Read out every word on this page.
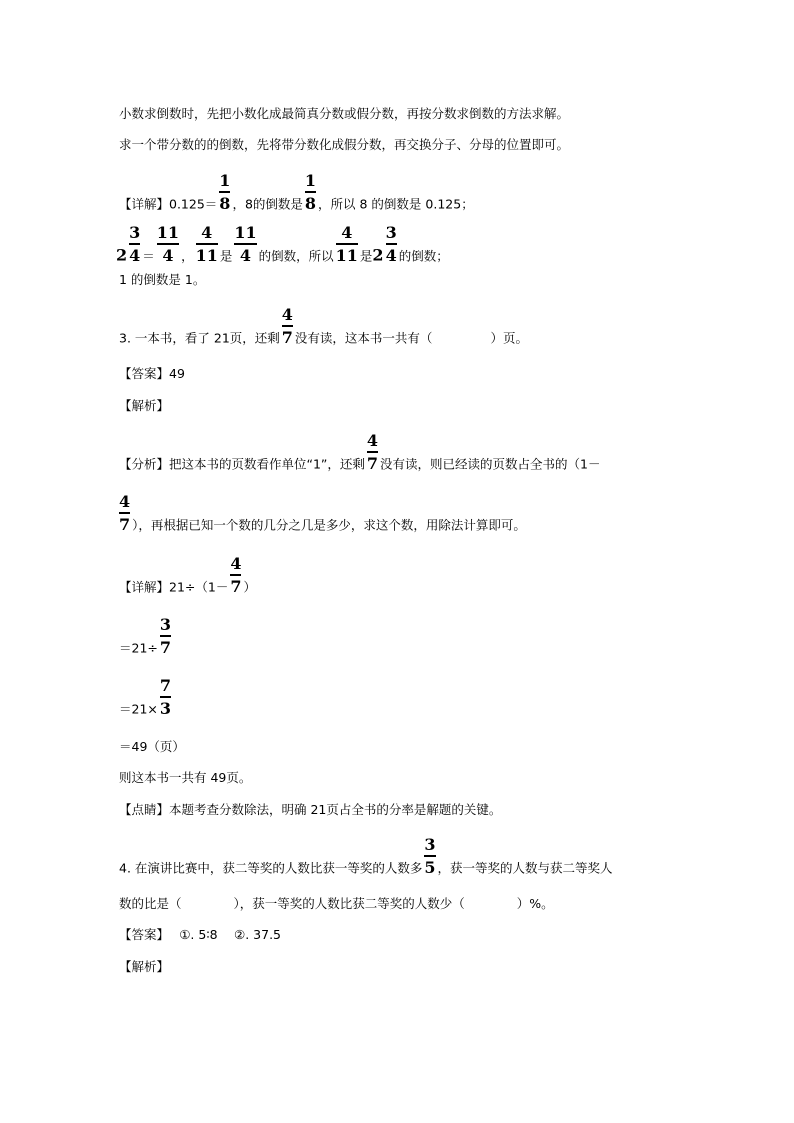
小数求倒数时，先把小数化成最简真分数或假分数，再按分数求倒数的方法求解。
求一个带分数的的倒数，先将带分数化成假分数，再交换分子、分母的位置即可。
【详解】$0.125= \frac{1}{8}$ ，8的倒数是 $\frac{1}{8}$ ，所以 8 的倒数是 0.125；
$2 \frac{3}{4} = \frac{11}{4}$ ， $\frac{4}{11}$ 是 $\frac{11}{4}$ 的倒数，所以 $\frac{4}{11}$ 是$2 \frac{3}{4}$ 的倒数；
1 的倒数是 1。
3. 一本书，看了 21页，还剩 $\frac{4}{7}$ 没有读，这本书一共有（	）页。
【答案】49
【解析】
【分析】把这本书的页数看作单位“1”，还剩 $\frac{4}{7}$ 没有读，则已经读的页数占全书的（1－
$\frac{4}{7}$ ），再根据已知一个数的几分之几是多少，求这个数，用除法计算即可。
【详解】$21\div(1- \frac{4}{7}$ ）
$=21\div \frac{3}{7}$
$=21\times \frac{7}{3}$
＝49（页）
则这本书一共有 49页。
【点睛】本题考查分数除法，明确 21页占全书的分率是解题的关键。
4. 在演讲比赛中，获二等奖的人数比获一等奖的人数多 $\frac{3}{5}$ ，获一等奖的人数与获二等奖人
数的比是（	），获一等奖的人数比获二等奖的人数少（	）%。
【答案】　 ①. 5∶8　 ②. 37.5
【解析】
